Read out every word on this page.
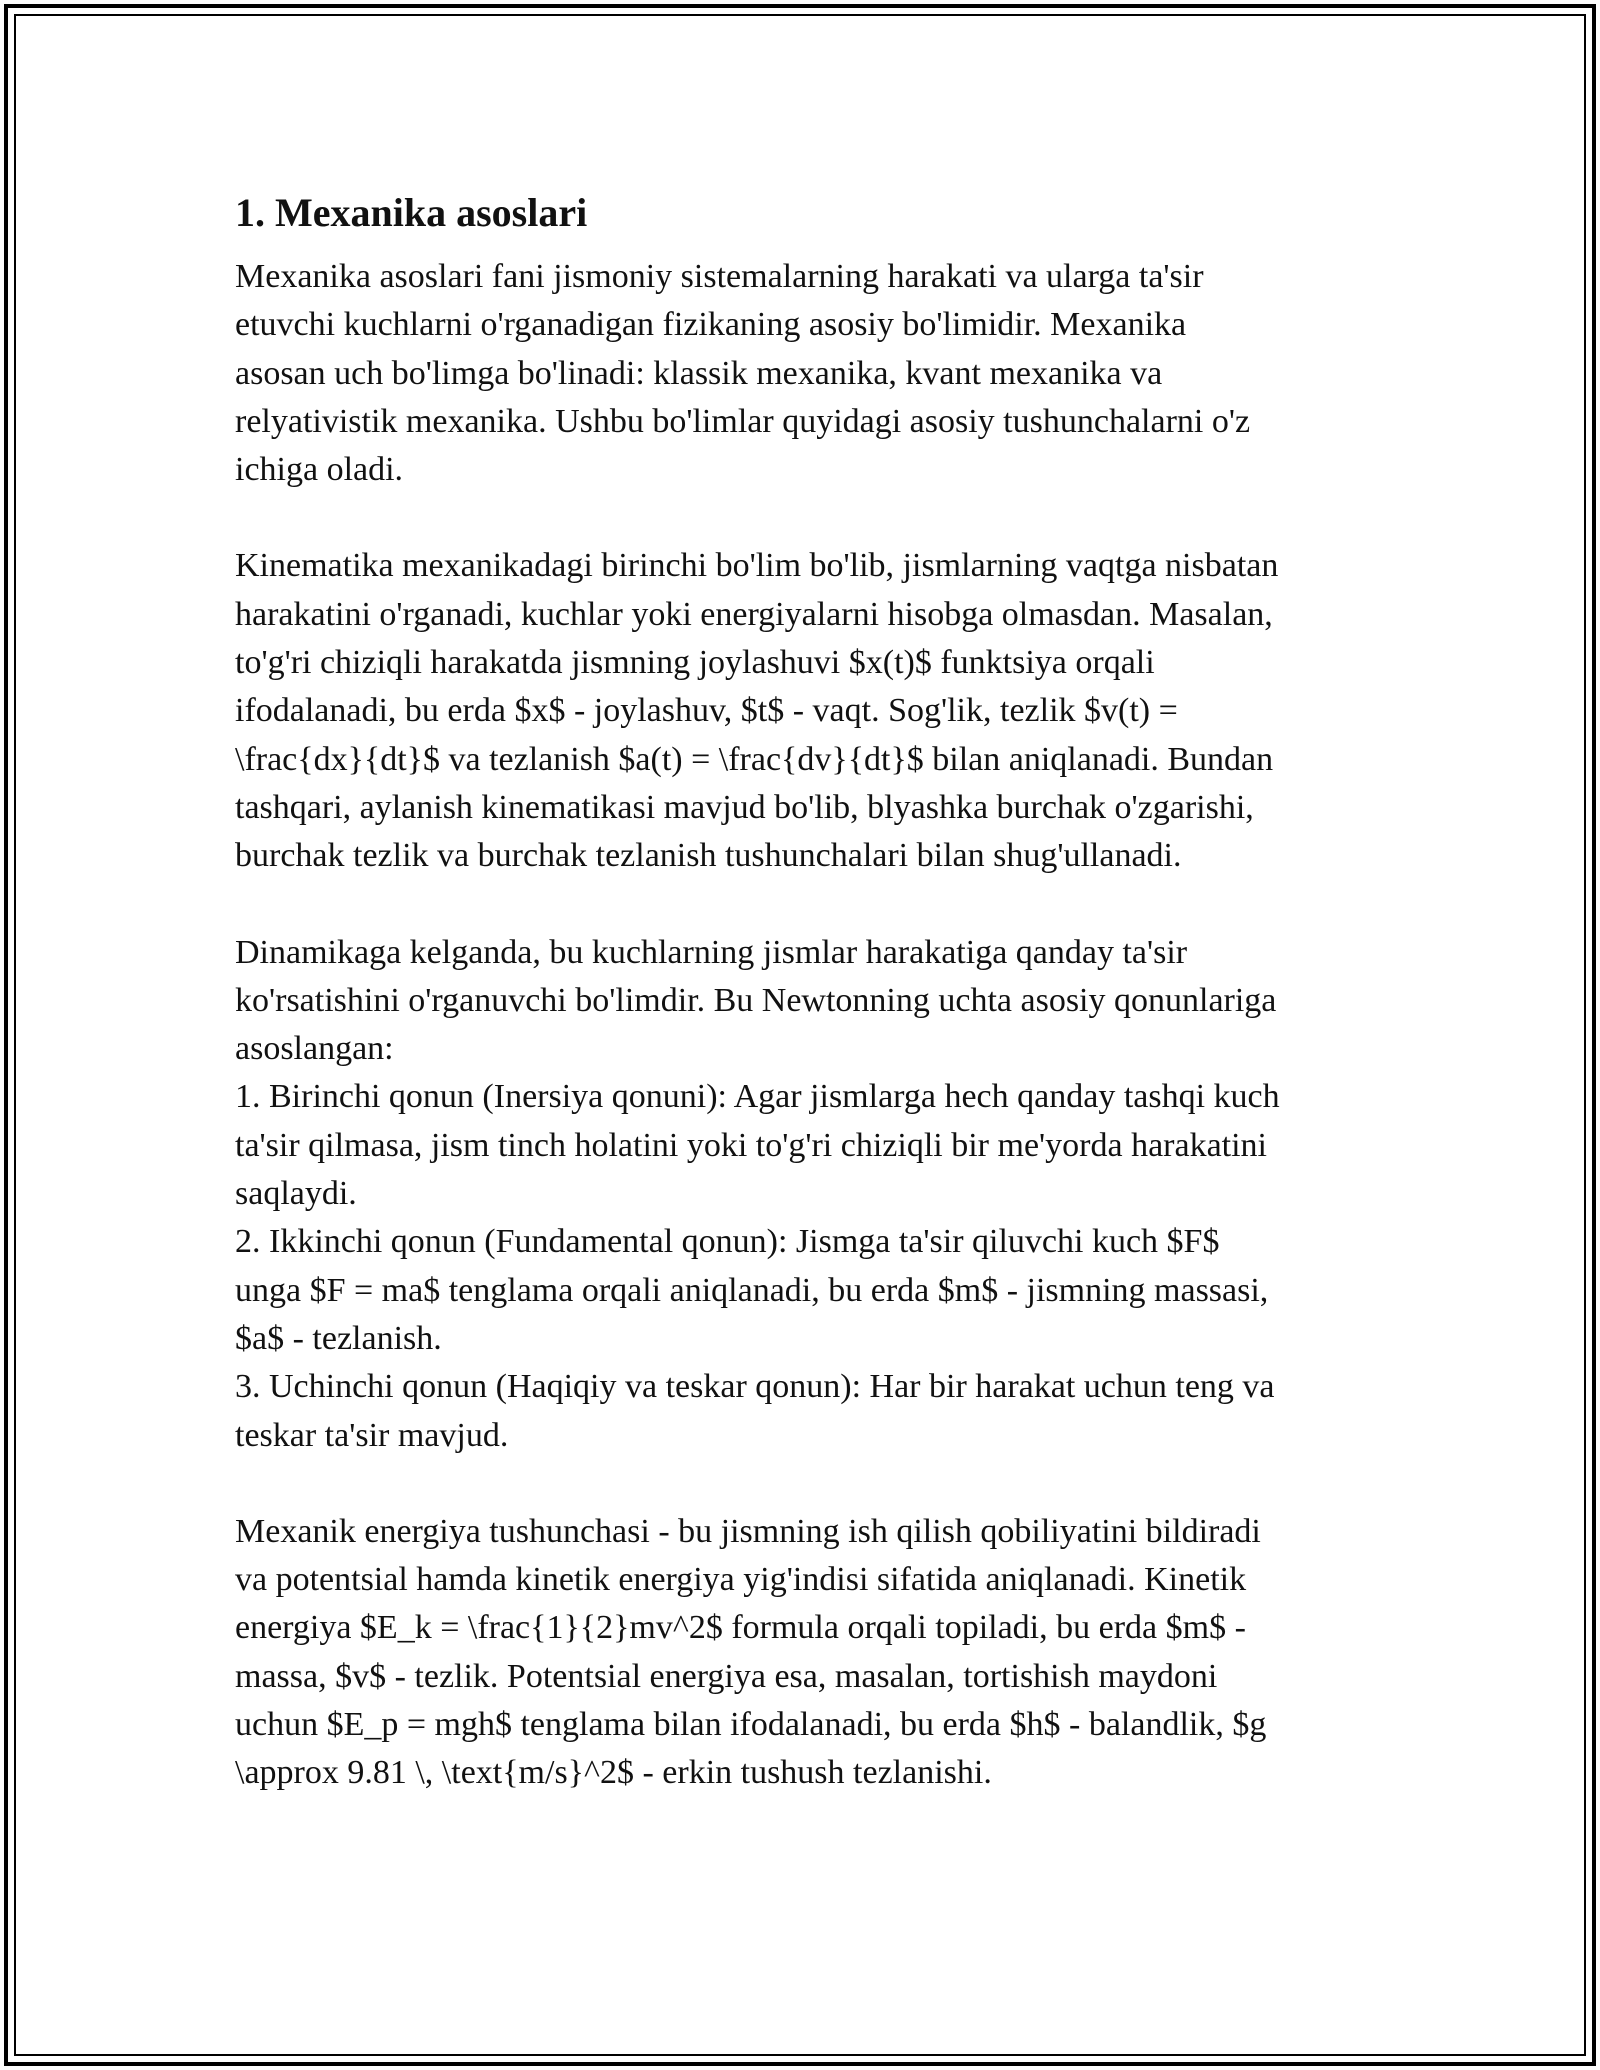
1. Mexanika asoslari

Mexanika asoslari fani jismoniy sistemalarning harakati va ularga ta'sir
etuvchi kuchlarni o'rganadigan fizikaning asosiy bo'limidir. Mexanika
asosan uch bo'limga bo'linadi: klassik mexanika, kvant mexanika va
relyativistik mexanika. Ushbu bo'limlar quyidagi asosiy tushunchalarni o'z
ichiga oladi.

Kinematika mexanikadagi birinchi bo'lim bo'lib, jismlarning vaqtga nisbatan
harakatini o'rganadi, kuchlar yoki energiyalarni hisobga olmasdan. Masalan,
to'g'ri chiziqli harakatda jismning joylashuvi $x(t)$ funktsiya orqali
ifodalanadi, bu erda $x$ - joylashuv, $t$ - vaqt. Sog'lik, tezlik $v(t) =
\frac{dx}{dt}$ va tezlanish $a(t) = \frac{dv}{dt}$ bilan aniqlanadi. Bundan
tashqari, aylanish kinematikasi mavjud bo'lib, blyashka burchak o'zgarishi,
burchak tezlik va burchak tezlanish tushunchalari bilan shug'ullanadi.

Dinamikaga kelganda, bu kuchlarning jismlar harakatiga qanday ta'sir
ko'rsatishini o'rganuvchi bo'limdir. Bu Newtonning uchta asosiy qonunlariga
asoslangan:
1. Birinchi qonun (Inersiya qonuni): Agar jismlarga hech qanday tashqi kuch
ta'sir qilmasa, jism tinch holatini yoki to'g'ri chiziqli bir me'yorda harakatini
saqlaydi.
2. Ikkinchi qonun (Fundamental qonun): Jismga ta'sir qiluvchi kuch $F$
unga $F = ma$ tenglama orqali aniqlanadi, bu erda $m$ - jismning massasi,
$a$ - tezlanish.
3. Uchinchi qonun (Haqiqiy va teskar qonun): Har bir harakat uchun teng va
teskar ta'sir mavjud.

Mexanik energiya tushunchasi - bu jismning ish qilish qobiliyatini bildiradi
va potentsial hamda kinetik energiya yig'indisi sifatida aniqlanadi. Kinetik
energiya $E_k = \frac{1}{2}mv^2$ formula orqali topiladi, bu erda $m$ -
massa, $v$ - tezlik. Potentsial energiya esa, masalan, tortishish maydoni
uchun $E_p = mgh$ tenglama bilan ifodalanadi, bu erda $h$ - balandlik, $g
\approx 9.81 \, \text{m/s}^2$ - erkin tushush tezlanishi.
